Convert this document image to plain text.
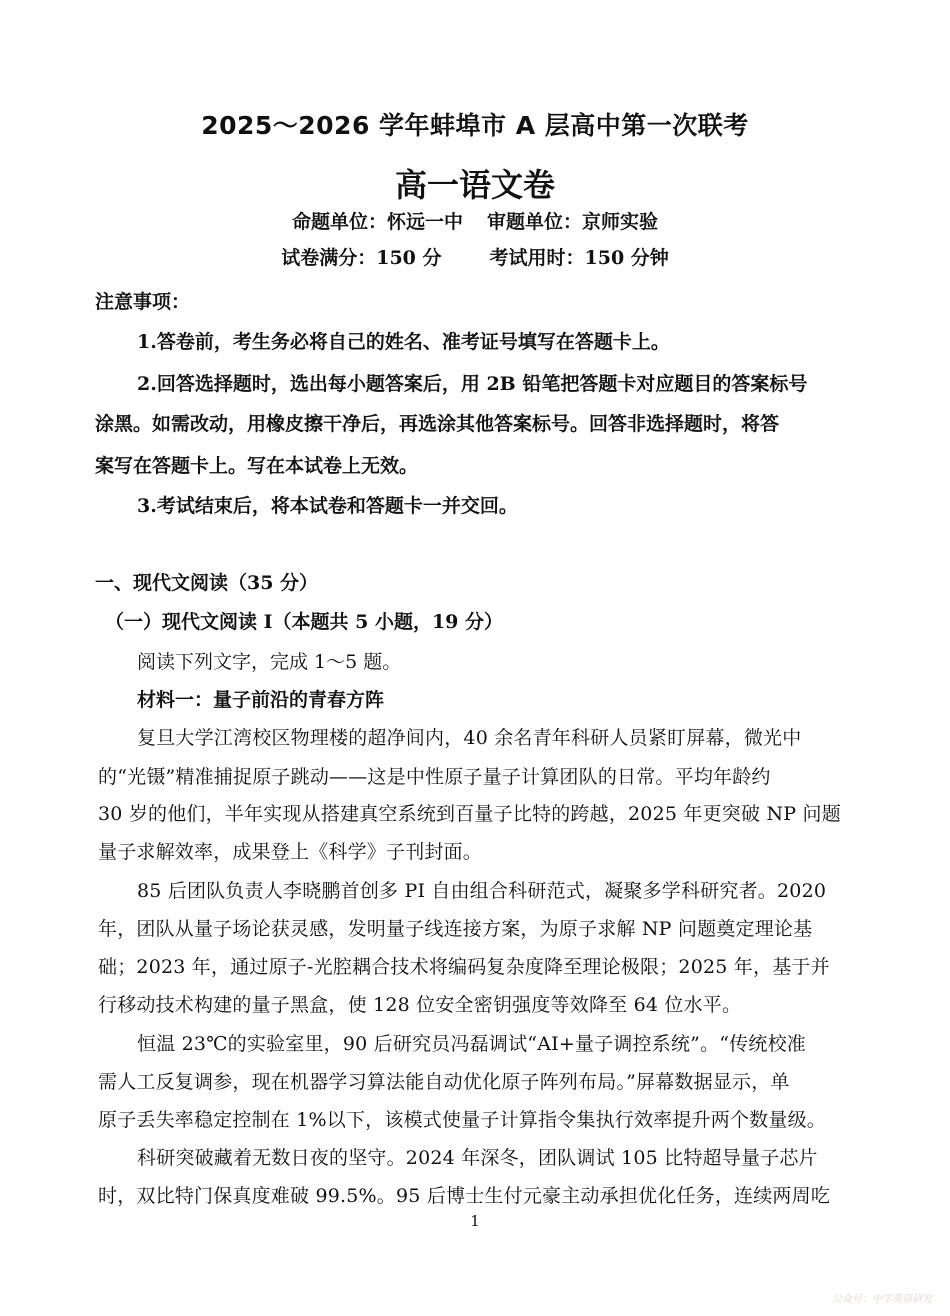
2025～2026 学年蚌埠市 A 层高中第一次联考
高一语文卷
命题单位：怀远一中 审题单位：京师实验
试卷满分：150 分	考试用时：150 分钟
注意事项：
1.答卷前，考生务必将自己的姓名、准考证号填写在答题卡上。
2.回答选择题时，选出每小题答案后，用 2B 铅笔把答题卡对应题目的答案标号
涂黑。如需改动，用橡皮擦干净后，再选涂其他答案标号。回答非选择题时，将答
案写在答题卡上。写在本试卷上无效。
3.考试结束后，将本试卷和答题卡一并交回。
一、现代文阅读（35 分）
（一）现代文阅读 I（本题共 5 小题，19 分）
阅读下列文字，完成 1～5 题。
材料一：量子前沿的青春方阵
复旦大学江湾校区物理楼的超净间内，40 余名青年科研人员紧盯屏幕，微光中
的“光镊”精准捕捉原子跳动——这是中性原子量子计算团队的日常。平均年龄约
30 岁的他们，半年实现从搭建真空系统到百量子比特的跨越，2025 年更突破 NP 问题
量子求解效率，成果登上《科学》子刊封面。
85 后团队负责人李晓鹏首创多 PI 自由组合科研范式，凝聚多学科研究者。2020
年，团队从量子场论获灵感，发明量子线连接方案，为原子求解 NP 问题奠定理论基
础；2023 年，通过原子-光腔耦合技术将编码复杂度降至理论极限；2025 年，基于并
行移动技术构建的量子黑盒，使 128 位安全密钥强度等效降至 64 位水平。
恒温 23℃的实验室里，90 后研究员冯磊调试“AI+量子调控系统”。“传统校准
需人工反复调参，现在机器学习算法能自动优化原子阵列布局。”屏幕数据显示，单
原子丢失率稳定控制在 1%以下，该模式使量子计算指令集执行效率提升两个数量级。
科研突破藏着无数日夜的坚守。2024 年深冬，团队调试 105 比特超导量子芯片
时，双比特门保真度难破 99.5%。95 后博士生付元豪主动承担优化任务，连续两周吃
1
公众号：中学英语研究
